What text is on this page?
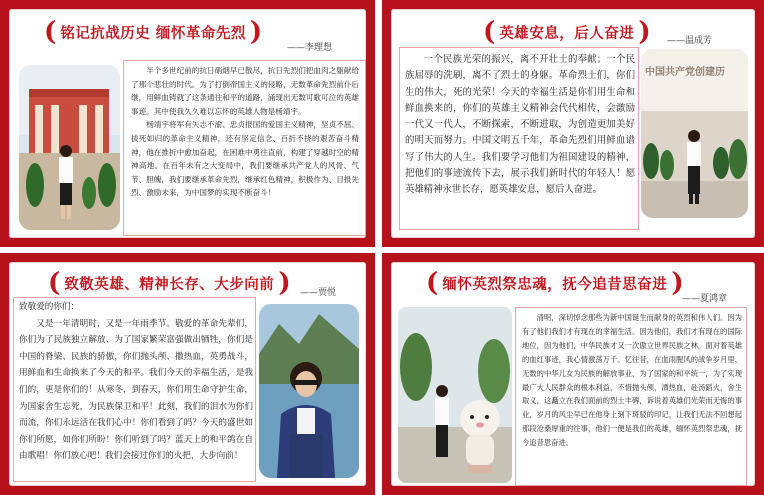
( 铭记抗战历史 缅怀革命先烈 )
——李理想

半个多世纪前的抗日硝烟早已散尽，抗日先烈们把血肉之躯献给了那个悲壮的时代。为了打倒帝国主义的侵略，无数革命先烈前仆后继，用鲜血铸就了这条通往和平的道路，涌现出无数可歌可泣的英雄事迹。其中使我久久难以忘怀的英雄人物是杨靖宇。

杨靖宇将军有矢志不渝、忠贞报国的爱国主义精神，坚贞不屈、拔死如归的革命主义精神，还有坚定信念、百折不挠的艰苦奋斗精神，他在推折中愈加奋起，在困难中勇往直前，构建了穿越时空的精神高地。在百年未有之大变局中，我们要继承共产党人的风骨、气节、胆魄，我们要继承革命先烈，继承红色精神，积极作为、目报先烈、激励未来，为中国梦的实现不断奋斗！

( 英雄安息，后人奋进 ) ——温成芳

一个民族光荣的振兴，离不开壮士的奉献；一个民族屈辱的洗刷，离不了烈士的身躯。革命烈士们，你们生的伟大，死的光荣！今天的幸福生活是你们用生命和鲜血换来的，你们的英雄主义精神会代代相传，会激励一代又一代人，不断探索，不断进取，为创造更加美好的明天而努力。中国文明五千年，革命先烈们用鲜血谱写了伟大的人生。我们要学习他们为祖国建设的精神，把他们的事迹流传下去，展示我们新时代的年轻人！愿英雄精神永世长存，愿英雄安息，愿后人奋进。

中国共产党创建历
( 致敬英雄、精神长存、大步向前 ) ——贾悦

致敬爱的你们：

又是一年清明时，又是一年雨季节。敬爱的革命先辈们，你们为了民族独立解放、为了国家繁荣富强做出牺牲，你们是中国的脊梁、民族的骄傲，你们抛头颅、撒热血，英勇战斗，用鲜血和生命换来了今天的和平。我们今天的幸福生活，是我们的，更是你们的！从寒冬，到春天，你们用生命守护生命，为国家舍生忘死，为民族保卫和平！此刻，我们的泪水为你们而流，你们永远活在我们心中！你们看到了吗？今天的盛世如你们所愿，如你们所盼！你们听到了吗？蓝天上的和平鸽在自由歌唱！你们放心吧！我们会接过你们的火把，大步向前！

( 缅怀英烈祭忠魂，抚今追昔思奋进 )
——夏鸿章

清明，深切悼念那些为新中国诞生而献身的英烈和伟人们。因为有了他们我们才有现在的幸福生活。因为他们，我们才有现在的国际地位，因为他们，中华民族才又一次傲立世界民族之林。面对着英雄的血红事迹，我心情激荡万千。忆往昔，在血雨腥风的战争岁月里，无数的中华儿女为民族的解放事业，为了国家的和平统一，为了实现最广大人民群众的根本利益，不惜抛头颅，洒热血，赴汤蹈火，舍生取义，这矗立在我们面前的烈士丰碑，诉说着英雄们光荣而无悔的事业，岁月的风尘早已在他身上刻下斑驳的印记，让我们无法不回想起那段沧桑厚重的往事，他们一便是我们的英雄，缅怀英烈祭忠魂，抚今追昔思奋进。
